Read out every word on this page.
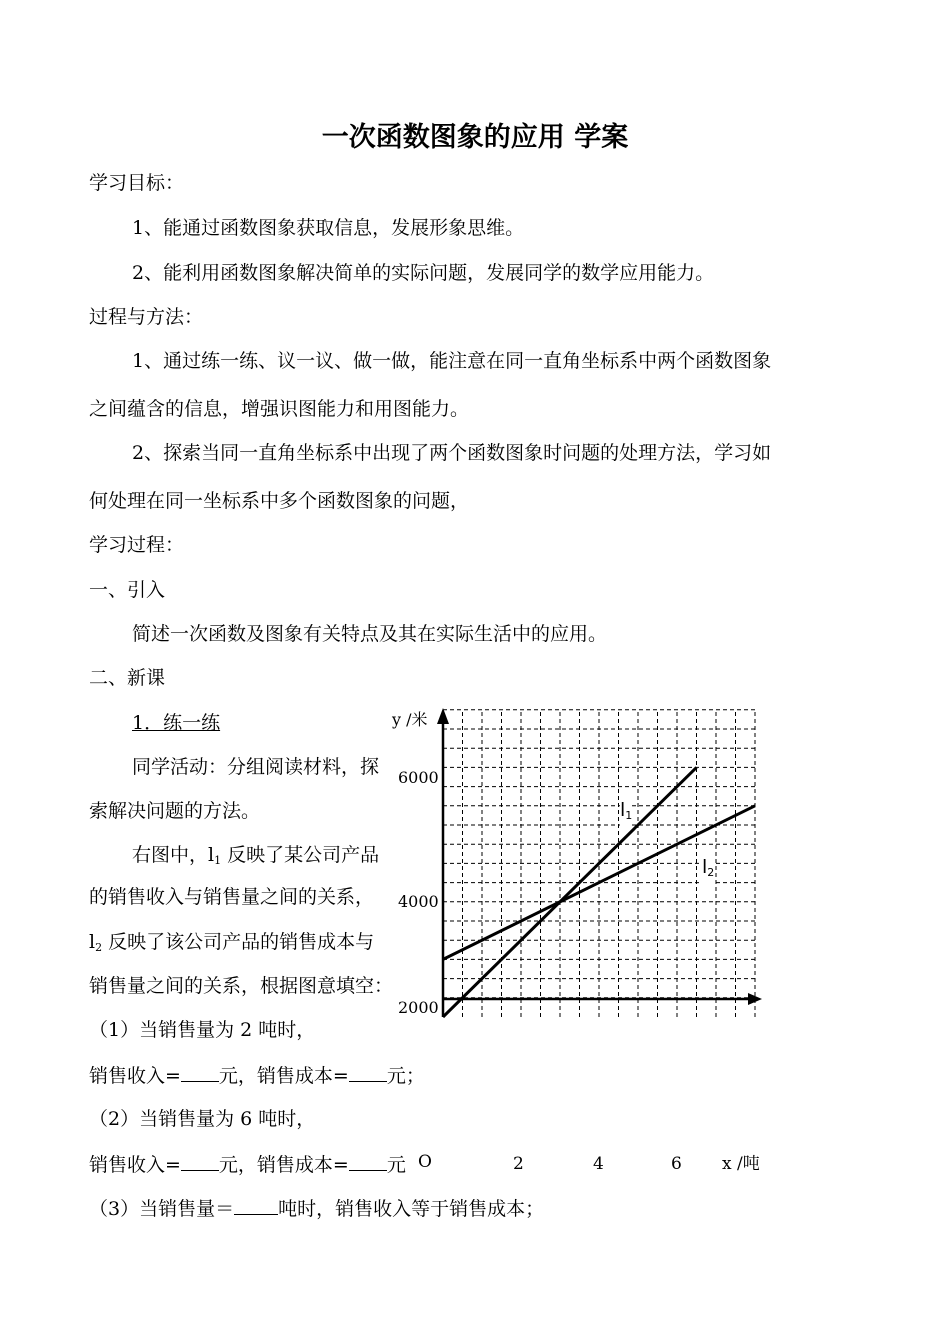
一次函数图象的应用 学案
学习目标：
1、能通过函数图象获取信息，发展形象思维。
2、能利用函数图象解决简单的实际问题，发展同学的数学应用能力。
过程与方法：
1、通过练一练、议一议、做一做，能注意在同一直角坐标系中两个函数图象
之间蕴含的信息，增强识图能力和用图能力。
2、探索当同一直角坐标系中出现了两个函数图象时问题的处理方法，学习如
何处理在同一坐标系中多个函数图象的问题，
学习过程：
一、引入
简述一次函数及图象有关特点及其在实际生活中的应用。
二、新课
1．练一练
同学活动：分组阅读材料，探
索解决问题的方法。
右图中，$l_1$ 反映了某公司产品
的销售收入与销售量之间的关系，
$l_2$ 反映了该公司产品的销售成本与
销售量之间的关系，根据图意填空：
（1）当销售量为 2 吨时，
销售收入= 元，销售成本= 元；
（2）当销售量为 6 吨时，
销售收入= 元，销售成本= 元
（3）当销售量＝ 吨时，销售收入等于销售成本；
y /米
6000
4000
2000
O	2	4	6 x /吨
$l_1$
$l_2$
